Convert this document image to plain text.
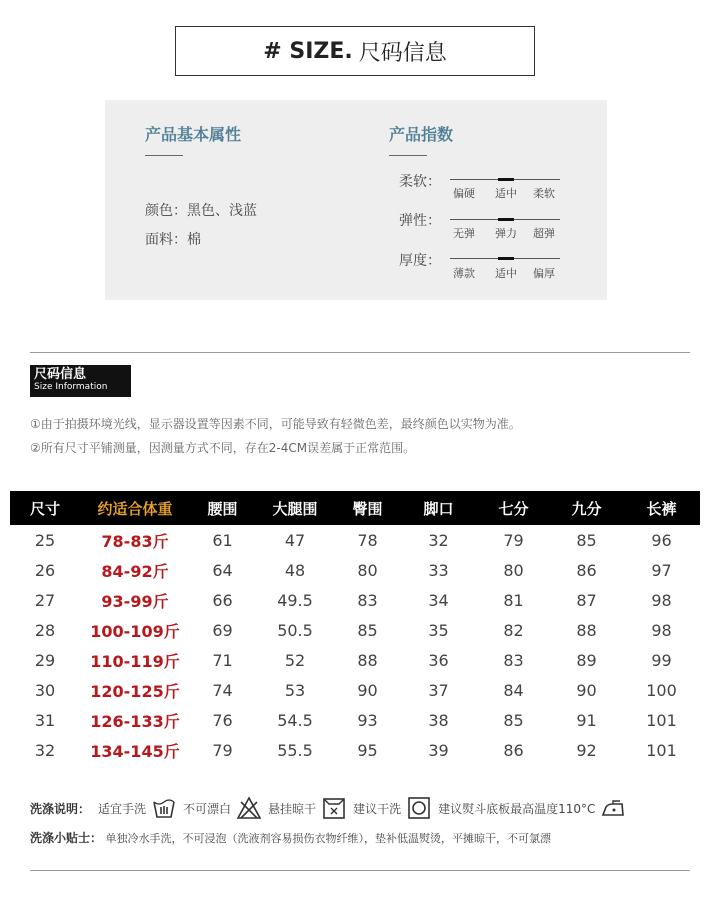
# SIZE. 尺码信息
产品基本属性
颜色：黑色、浅蓝
面料：棉
产品指数
柔软：
偏硬	适中	柔软
弹性：
无弹	弹力	超弹
厚度：
薄款	适中	偏厚
尺码信息
Size Information
①由于拍摄环境光线，显示器设置等因素不同，可能导致有轻微色差，最终颜色以实物为准。
②所有尺寸平铺测量，因测量方式不同，存在2-4CM误差属于正常范围。
尺寸	约适合体重	腰围	大腿围	臀围	脚口	七分	九分	长裤
25	78-83斤	61	47	78	32	79	85	96
26	84-92斤	64	48	80	33	80	86	97
27	93-99斤	66	49.5	83	34	81	87	98
28	100-109斤	69	50.5	85	35	82	88	98
29	110-119斤	71	52	88	36	83	89	99
30	120-125斤	74	53	90	37	84	90	100
31	126-133斤	76	54.5	93	38	85	91	101
32	134-145斤	79	55.5	95	39	86	92	101
洗涤说明： 适宜手洗	不可漂白	悬挂晾干	建议干洗	建议熨斗底板最高温度110°C
洗涤小贴士： 单独冷水手洗，不可浸泡（洗液剂容易损伤衣物纤维），垫补低温熨烫，平摊晾干，不可氯漂
